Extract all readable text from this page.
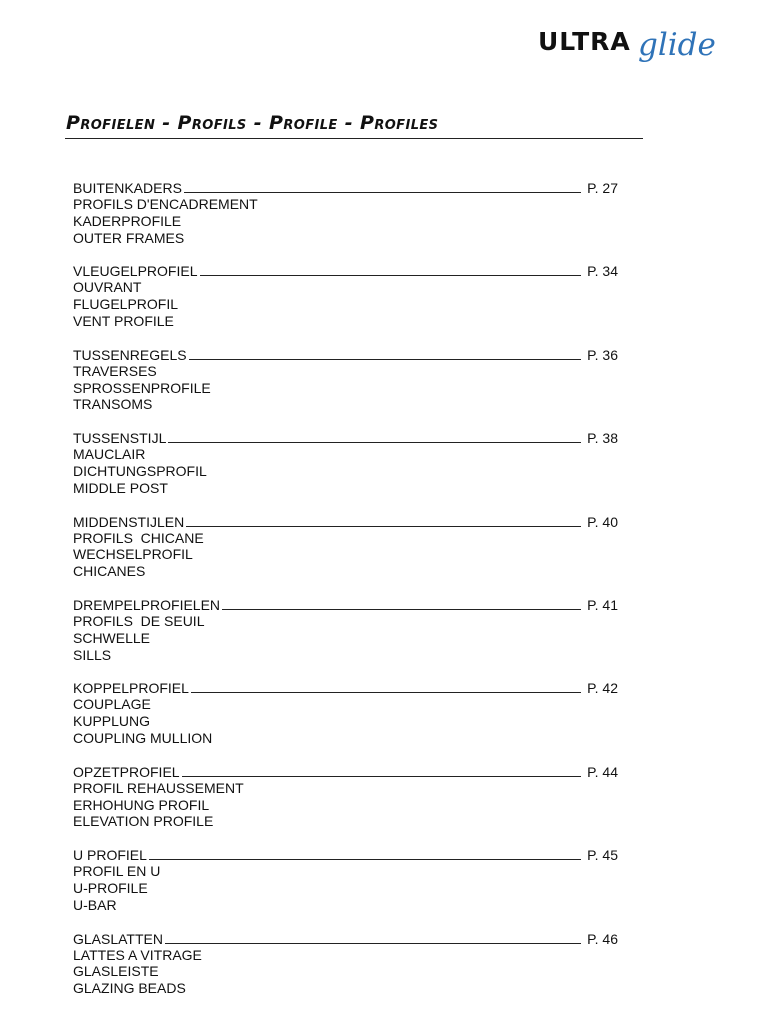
ULTRA glide
Profielen - Profils - Profile - Profiles
BUITENKADERS	P. 27
PROFILS D'ENCADREMENT
KADERPROFILE
OUTER FRAMES
VLEUGELPROFIEL	P. 34
OUVRANT
FLUGELPROFIL
VENT PROFILE
TUSSENREGELS	P. 36
TRAVERSES
SPROSSENPROFILE
TRANSOMS
TUSSENSTIJL	P. 38
MAUCLAIR
DICHTUNGSPROFIL
MIDDLE POST
MIDDENSTIJLEN	P. 40
PROFILS  CHICANE
WECHSELPROFIL
CHICANES
DREMPELPROFIELEN	P. 41
PROFILS  DE SEUIL
SCHWELLE
SILLS
KOPPELPROFIEL	P. 42
COUPLAGE
KUPPLUNG
COUPLING MULLION
OPZETPROFIEL	P. 44
PROFIL REHAUSSEMENT
ERHOHUNG PROFIL
ELEVATION PROFILE
U PROFIEL	P. 45
PROFIL EN U
U-PROFILE
U-BAR
GLASLATTEN	P. 46
LATTES A VITRAGE
GLASLEISTE
GLAZING BEADS
